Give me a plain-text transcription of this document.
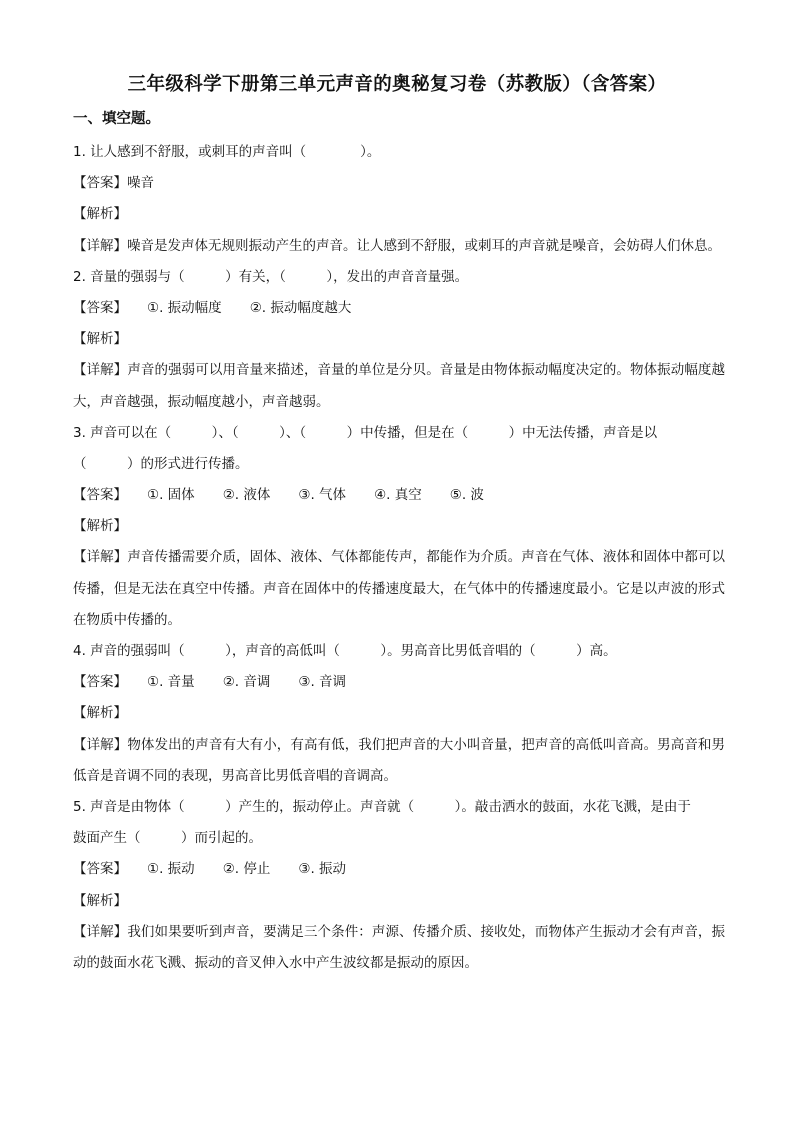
三年级科学下册第三单元声音的奥秘复习卷（苏教版）（含答案）
一、填空题。
1. 让人感到不舒服，或刺耳的声音叫（　　　　）。
【答案】噪音
【解析】
【详解】噪音是发声体无规则振动产生的声音。让人感到不舒服，或刺耳的声音就是噪音，会妨碍人们休息。
2. 音量的强弱与（　　　）有关，（　　　），发出的声音音量强。
【答案】 ①. 振动幅度 ②. 振动幅度越大
【解析】
【详解】声音的强弱可以用音量来描述，音量的单位是分贝。音量是由物体振动幅度决定的。物体振动幅度越大，声音越强，振动幅度越小，声音越弱。
3. 声音可以在（　　　）、（　　　）、（　　　）中传播，但是在（　　　）中无法传播，声音是以
（　　　）的形式进行传播。
【答案】 ①. 固体 ②. 液体 ③. 气体 ④. 真空 ⑤. 波
【解析】
【详解】声音传播需要介质，固体、液体、气体都能传声，都能作为介质。声音在气体、液体和固体中都可以传播，但是无法在真空中传播。声音在固体中的传播速度最大，在气体中的传播速度最小。它是以声波的形式在物质中传播的。
4. 声音的强弱叫（　　　），声音的高低叫（　　　）。男高音比男低音唱的（　　　）高。
【答案】 ①. 音量 ②. 音调 ③. 音调
【解析】
【详解】物体发出的声音有大有小，有高有低，我们把声音的大小叫音量，把声音的高低叫音高。男高音和男低音是音调不同的表现，男高音比男低音唱的音调高。
5. 声音是由物体（　　　）产生的，振动停止。声音就（　　　）。敲击洒水的鼓面，水花飞溅，是由于
鼓面产生（　　　）而引起的。
【答案】 ①. 振动 ②. 停止 ③. 振动
【解析】
【详解】我们如果要听到声音，要满足三个条件：声源、传播介质、接收处，而物体产生振动才会有声音，振动的鼓面水花飞溅、振动的音叉伸入水中产生波纹都是振动的原因。
